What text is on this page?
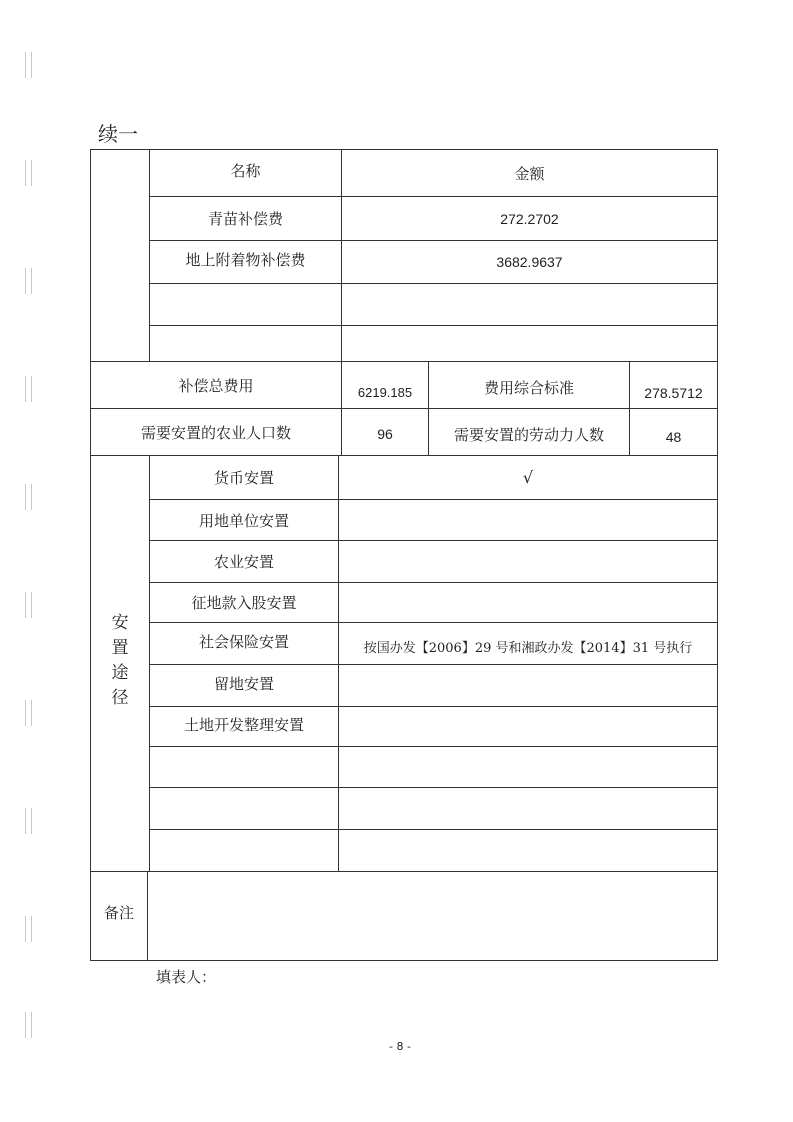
续一
名称	金额
青苗补偿费	272.2702
地上附着物补偿费	3682.9637
补偿总费用	6219.185	费用综合标准	278.5712
需要安置的农业人口数	96	需要安置的劳动力人数	48
安
置
途
径
货币安置	√
用地单位安置
农业安置
征地款入股安置
社会保险安置	按国办发【2006】29 号和湘政办发【2014】31 号执行
留地安置
土地开发整理安置
备注
填表人：
- 8 -
